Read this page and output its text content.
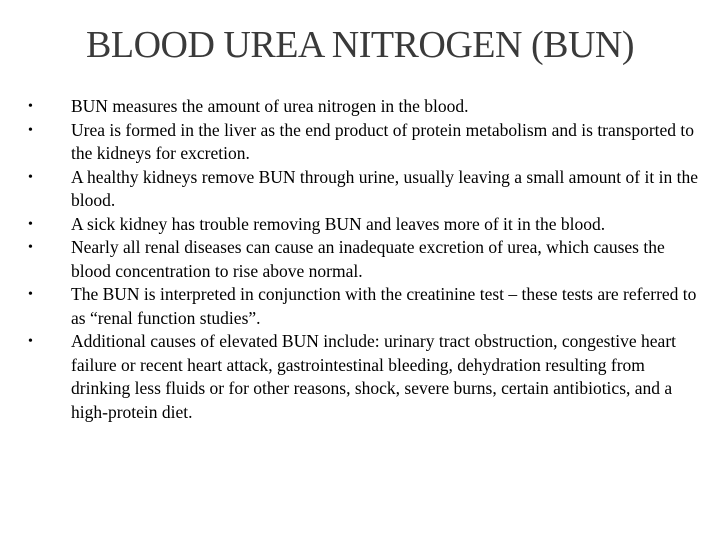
BLOOD UREA NITROGEN (BUN)
•	BUN measures the amount of urea nitrogen in the blood.
•	Urea is formed in the liver as the end product of protein metabolism and is transported to the kidneys for excretion.
•	A healthy kidneys remove BUN through urine, usually leaving a small amount of it in the blood.
•	A sick kidney has trouble removing BUN and leaves more of it in the blood.
•	Nearly all renal diseases can cause an inadequate excretion of urea, which causes the blood concentration to rise above normal.
•	The BUN is interpreted in conjunction with the creatinine test – these tests are referred to as “renal function studies”.
•	Additional causes of elevated BUN include: urinary tract obstruction, congestive heart failure or recent heart attack, gastrointestinal bleeding, dehydration resulting from drinking less fluids or for other reasons, shock, severe burns, certain antibiotics, and a high-protein diet.
